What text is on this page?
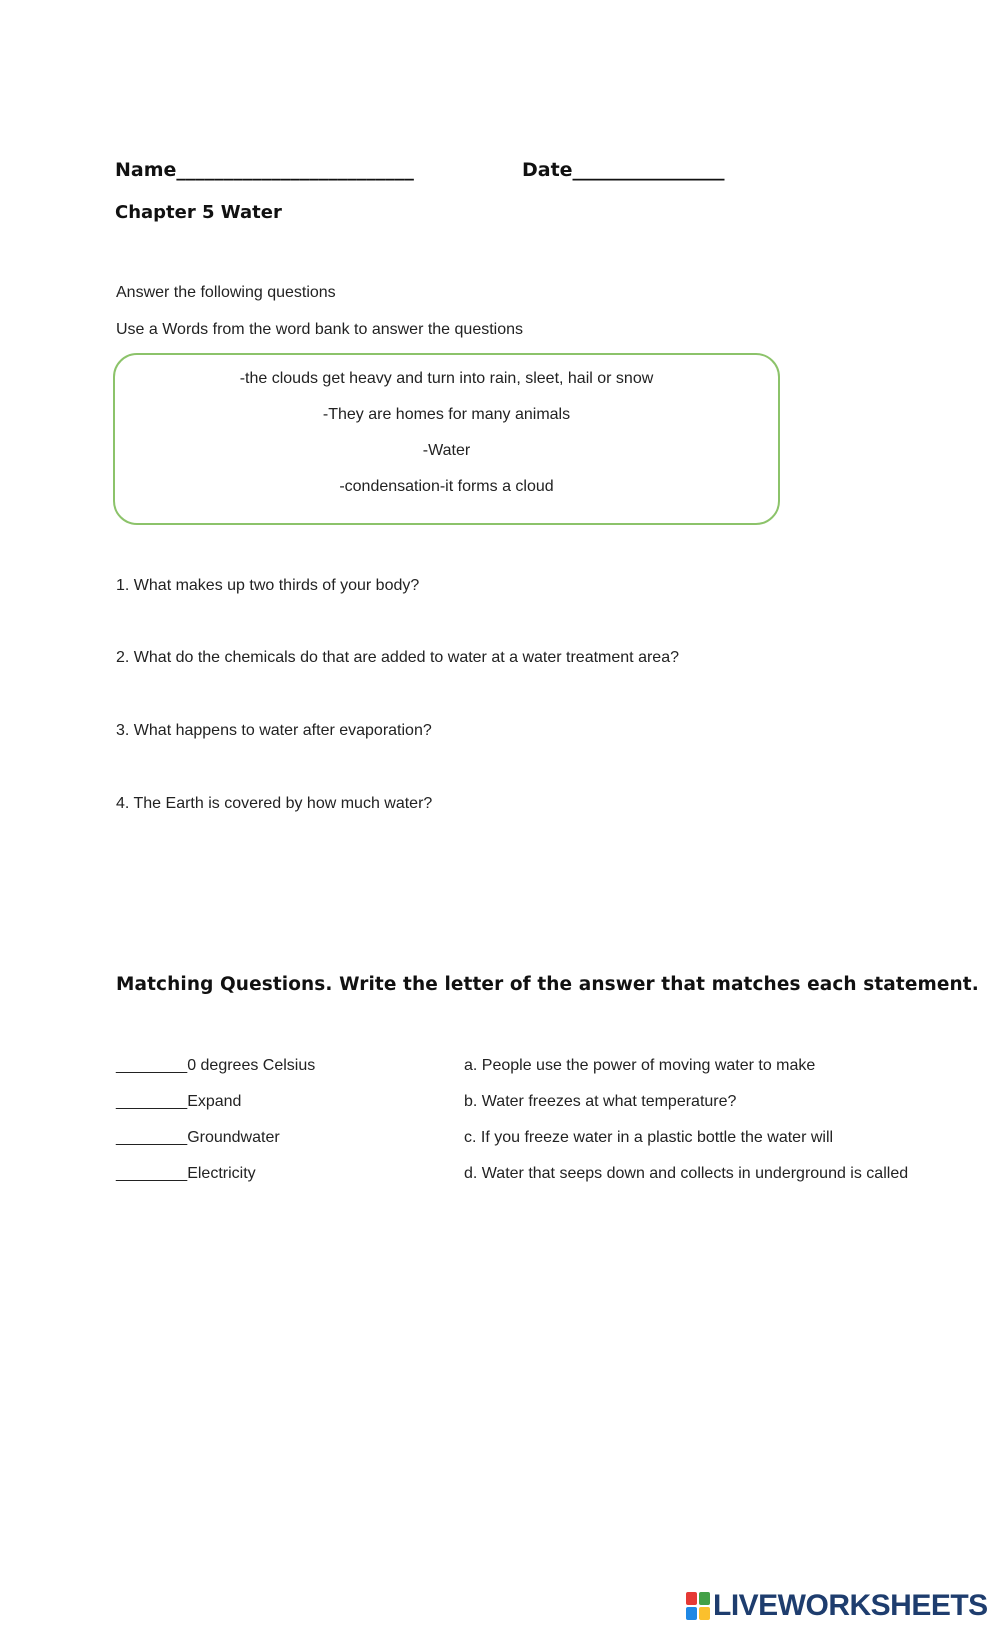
Name_________________________	Date________________
Chapter 5 Water
Answer the following questions
Use a Words from the word bank to answer the questions
-the clouds get heavy and turn into rain, sleet, hail or snow
-They are homes for many animals
-Water
-condensation-it forms a cloud
1. What makes up two thirds of your body?
2. What do the chemicals do that are added to water at a water treatment area?
3. What happens to water after evaporation?
4. The Earth is covered by how much water?
Matching Questions. Write the letter of the answer that matches each statement.
________0 degrees Celsius
________Expand
________Groundwater
________Electricity
a. People use the power of moving water to make
b. Water freezes at what temperature?
c. If you freeze water in a plastic bottle the water will
d. Water that seeps down and collects in underground is called
LIVEWORKSHEETS
